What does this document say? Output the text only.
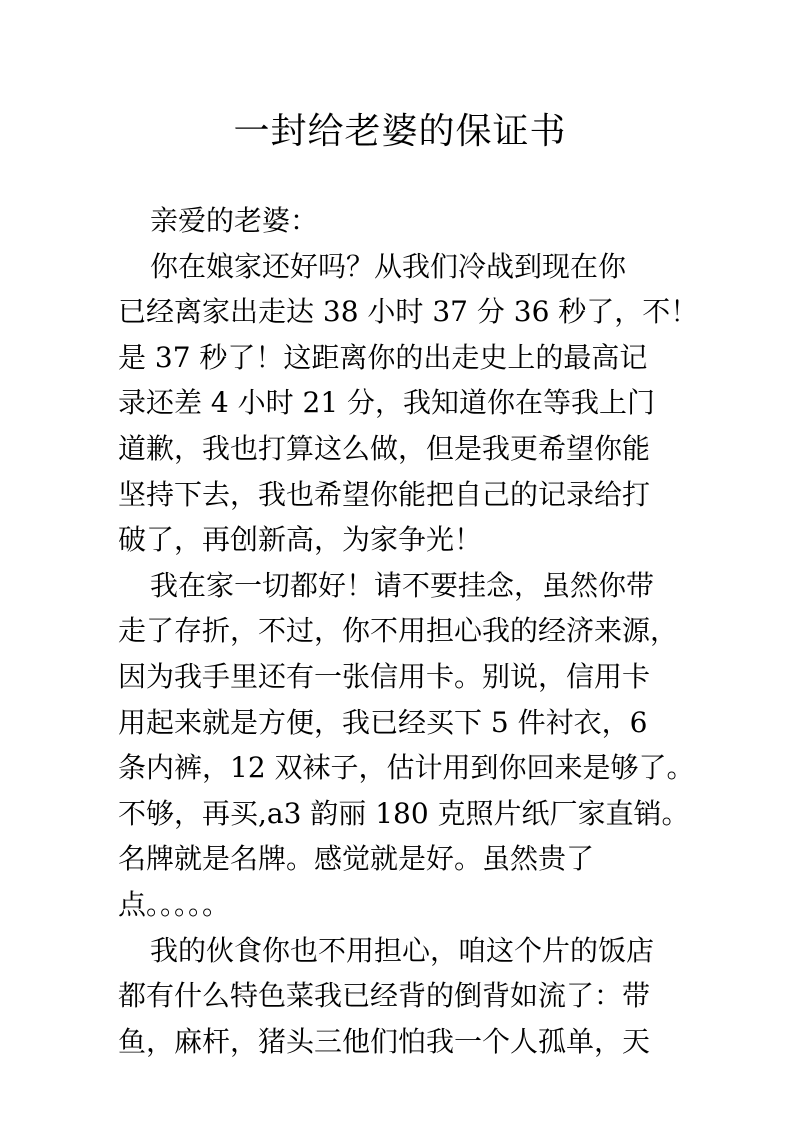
一封给老婆的保证书
亲爱的老婆：
你在娘家还好吗？从我们冷战到现在你
已经离家出走达 38 小时 37 分 36 秒了，不！
是 37 秒了！这距离你的出走史上的最高记
录还差 4 小时 21 分，我知道你在等我上门
道歉，我也打算这么做，但是我更希望你能
坚持下去，我也希望你能把自己的记录给打
破了，再创新高，为家争光！
我在家一切都好！请不要挂念，虽然你带
走了存折，不过，你不用担心我的经济来源，
因为我手里还有一张信用卡。别说，信用卡
用起来就是方便，我已经买下 5 件衬衣，6
条内裤，12 双袜子，估计用到你回来是够了。
不够，再买,a3 韵丽 180 克照片纸厂家直销。
名牌就是名牌。感觉就是好。虽然贵了
点。。。。。
我的伙食你也不用担心，咱这个片的饭店
都有什么特色菜我已经背的倒背如流了：带
鱼，麻杆，猪头三他们怕我一个人孤单，天
